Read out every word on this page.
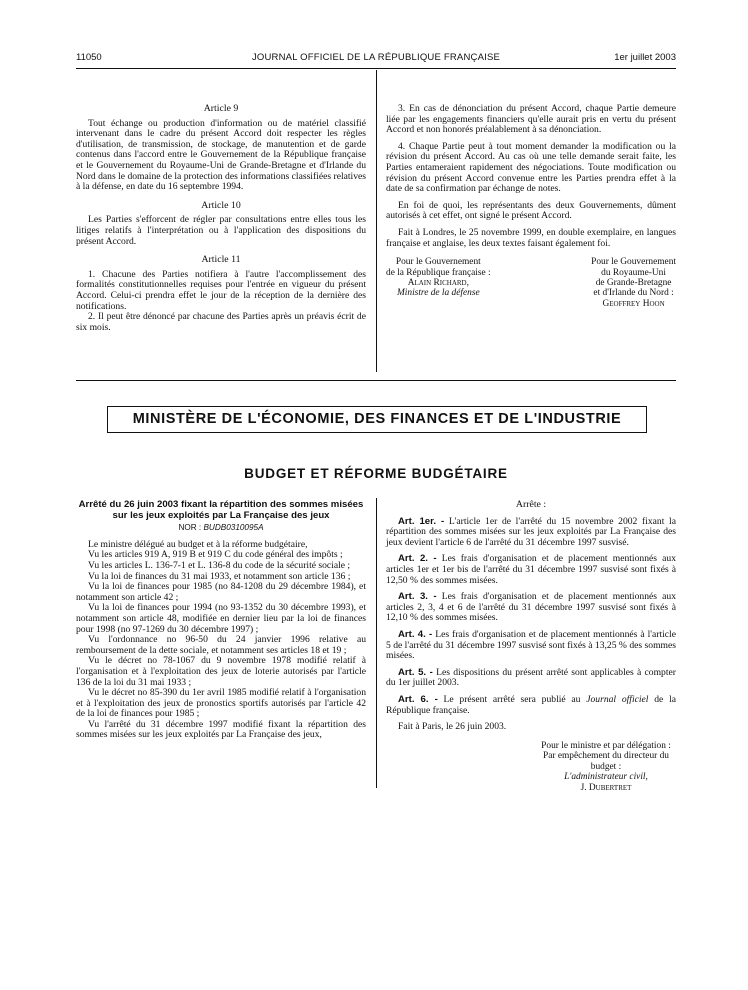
11050	JOURNAL OFFICIEL DE LA RÉPUBLIQUE FRANÇAISE	1er juillet 2003
Article 9

Tout échange ou production d'information ou de matériel classifié intervenant dans le cadre du présent Accord doit respecter les règles d'utilisation, de transmission, de stockage, de manutention et de garde contenus dans l'accord entre le Gouvernement de la République française et le Gouvernement du Royaume-Uni de Grande-Bretagne et d'Irlande du Nord dans le domaine de la protection des informations classifiées relatives à la défense, en date du 16 septembre 1994.

Article 10

Les Parties s'efforcent de régler par consultations entre elles tous les litiges relatifs à l'interprétation ou à l'application des dispositions du présent Accord.

Article 11

1. Chacune des Parties notifiera à l'autre l'accomplissement des formalités constitutionnelles requises pour l'entrée en vigueur du présent Accord. Celui-ci prendra effet le jour de la réception de la dernière des notifications.

2. Il peut être dénoncé par chacune des Parties après un préavis écrit de six mois.

3. En cas de dénonciation du présent Accord, chaque Partie demeure liée par les engagements financiers qu'elle aurait pris en vertu du présent Accord et non honorés préalablement à sa dénonciation.

4. Chaque Partie peut à tout moment demander la modification ou la révision du présent Accord. Au cas où une telle demande serait faite, les Parties entameraient rapidement des négociations. Toute modification ou révision du présent Accord convenue entre les Parties prendra effet à la date de sa confirmation par échange de notes.

En foi de quoi, les représentants des deux Gouvernements, dûment autorisés à cet effet, ont signé le présent Accord.

Fait à Londres, le 25 novembre 1999, en double exemplaire, en langues française et anglaise, les deux textes faisant également foi.

Pour le Gouvernement
de la République française :
Alain Richard,
Ministre de la défense
Pour le Gouvernement
du Royaume-Uni
de Grande-Bretagne
et d'Irlande du Nord :
Geoffrey Hoon
MINISTÈRE DE L'ÉCONOMIE, DES FINANCES ET DE L'INDUSTRIE
BUDGET ET RÉFORME BUDGÉTAIRE
Arrêté du 26 juin 2003 fixant la répartition des sommes misées sur les jeux exploités par La Française des jeux
NOR : BUDB0310095A

Le ministre délégué au budget et à la réforme budgétaire,

Vu les articles 919 A, 919 B et 919 C du code général des impôts ;

Vu les articles L. 136-7-1 et L. 136-8 du code de la sécurité sociale ;

Vu la loi de finances du 31 mai 1933, et notamment son article 136 ;

Vu la loi de finances pour 1985 (no 84-1208 du 29 décembre 1984), et notamment son article 42 ;

Vu la loi de finances pour 1994 (no 93-1352 du 30 décembre 1993), et notamment son article 48, modifiée en dernier lieu par la loi de finances pour 1998 (no 97-1269 du 30 décembre 1997) ;

Vu l'ordonnance no 96-50 du 24 janvier 1996 relative au remboursement de la dette sociale, et notamment ses articles 18 et 19 ;

Vu le décret no 78-1067 du 9 novembre 1978 modifié relatif à l'organisation et à l'exploitation des jeux de loterie autorisés par l'article 136 de la loi du 31 mai 1933 ;

Vu le décret no 85-390 du 1er avril 1985 modifié relatif à l'organisation et à l'exploitation des jeux de pronostics sportifs autorisés par l'article 42 de la loi de finances pour 1985 ;

Vu l'arrêté du 31 décembre 1997 modifié fixant la répartition des sommes misées sur les jeux exploités par La Française des jeux,

Arrête :

Art. 1er. - L'article 1er de l'arrêté du 15 novembre 2002 fixant la répartition des sommes misées sur les jeux exploités par La Française des jeux devient l'article 6 de l'arrêté du 31 décembre 1997 susvisé.

Art. 2. - Les frais d'organisation et de placement mentionnés aux articles 1er et 1er bis de l'arrêté du 31 décembre 1997 susvisé sont fixés à 12,50 % des sommes misées.

Art. 3. - Les frais d'organisation et de placement mentionnés aux articles 2, 3, 4 et 6 de l'arrêté du 31 décembre 1997 susvisé sont fixés à 12,10 % des sommes misées.

Art. 4. - Les frais d'organisation et de placement mentionnés à l'article 5 de l'arrêté du 31 décembre 1997 susvisé sont fixés à 13,25 % des sommes misées.

Art. 5. - Les dispositions du présent arrêté sont applicables à compter du 1er juillet 2003.

Art. 6. - Le présent arrêté sera publié au Journal officiel de la République française.

Fait à Paris, le 26 juin 2003.

Pour le ministre et par délégation :
Par empêchement du directeur du budget :
L'administrateur civil,
J. Dubertret
